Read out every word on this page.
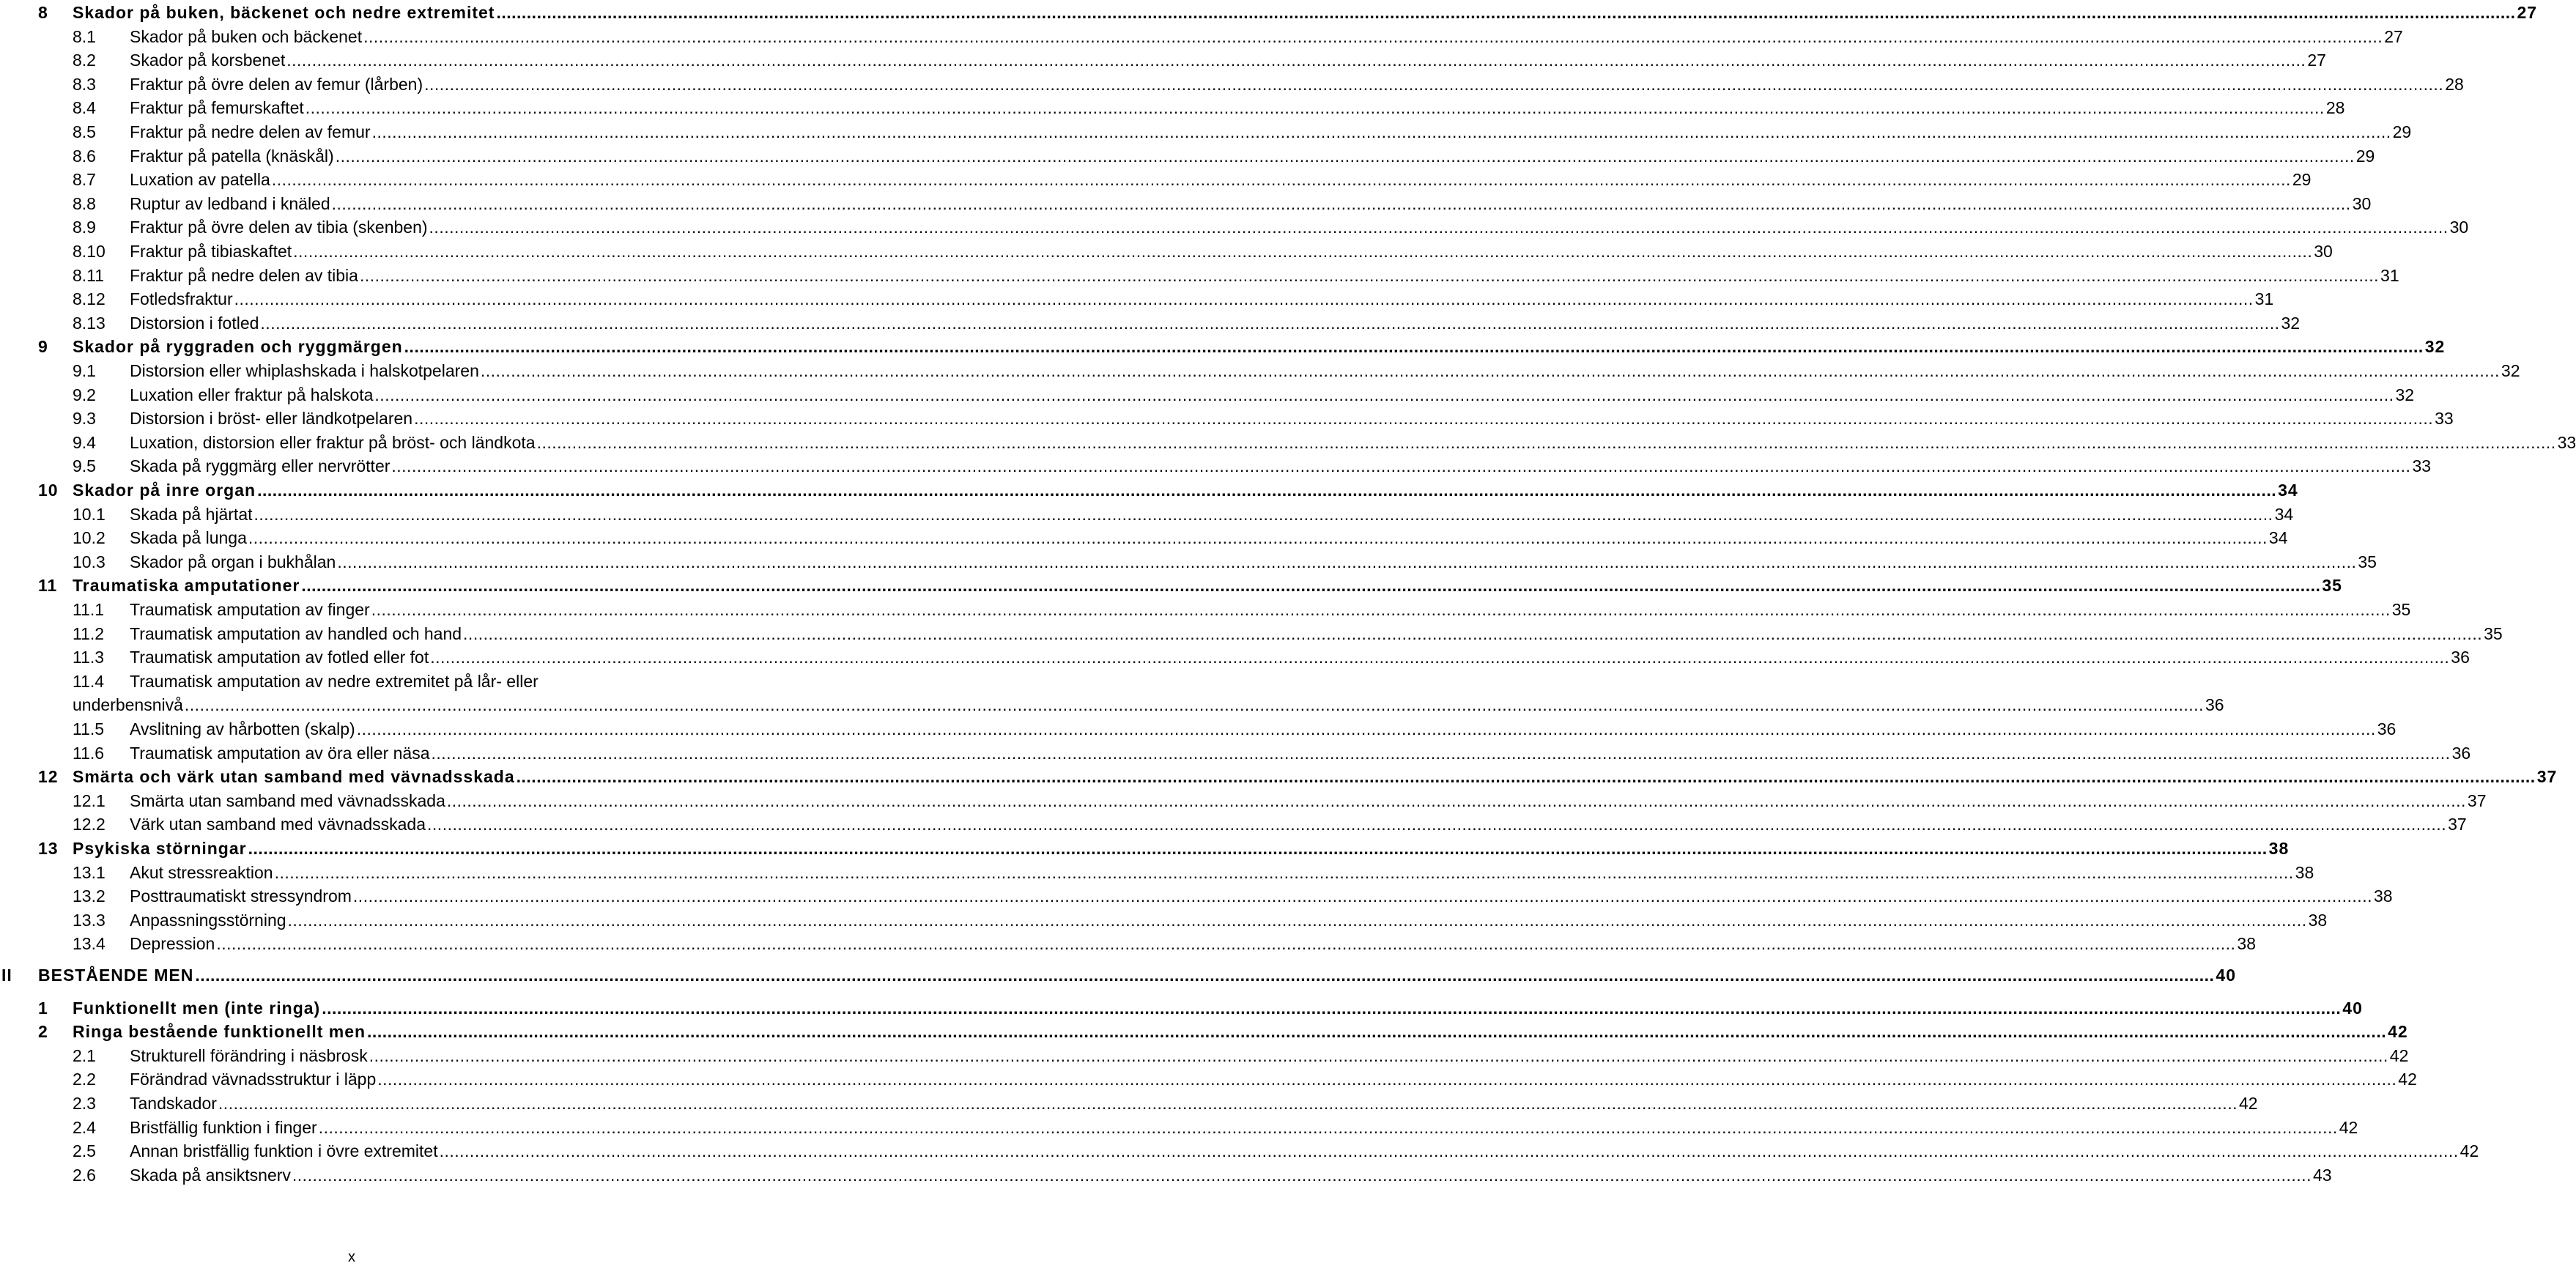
8 Skador på buken, bäckenet och nedre extremitet ................................................................................................................................................................................................................................................................................................................................................................................................................ 27
8.1 Skador på buken och bäckenet ................................................................................................................................................................................................................................................................................................................................................................................................................ 27
8.2 Skador på korsbenet ................................................................................................................................................................................................................................................................................................................................................................................................................ 27
8.3 Fraktur på övre delen av femur (lårben) ................................................................................................................................................................................................................................................................................................................................................................................................................ 28
8.4 Fraktur på femurskaftet ................................................................................................................................................................................................................................................................................................................................................................................................................ 28
8.5 Fraktur på nedre delen av femur ................................................................................................................................................................................................................................................................................................................................................................................................................ 29
8.6 Fraktur på patella (knäskål) ................................................................................................................................................................................................................................................................................................................................................................................................................ 29
8.7 Luxation av patella ................................................................................................................................................................................................................................................................................................................................................................................................................ 29
8.8 Ruptur av ledband i knäled ................................................................................................................................................................................................................................................................................................................................................................................................................ 30
8.9 Fraktur på övre delen av tibia (skenben) ................................................................................................................................................................................................................................................................................................................................................................................................................ 30
8.10 Fraktur på tibiaskaftet ................................................................................................................................................................................................................................................................................................................................................................................................................ 30
8.11 Fraktur på nedre delen av tibia ................................................................................................................................................................................................................................................................................................................................................................................................................ 31
8.12 Fotledsfraktur ................................................................................................................................................................................................................................................................................................................................................................................................................ 31
8.13 Distorsion i fotled ................................................................................................................................................................................................................................................................................................................................................................................................................ 32
9 Skador på ryggraden och ryggmärgen ................................................................................................................................................................................................................................................................................................................................................................................................................ 32
9.1 Distorsion eller whiplashskada i halskotpelaren ................................................................................................................................................................................................................................................................................................................................................................................................................ 32
9.2 Luxation eller fraktur på halskota ................................................................................................................................................................................................................................................................................................................................................................................................................ 32
9.3 Distorsion i bröst- eller ländkotpelaren ................................................................................................................................................................................................................................................................................................................................................................................................................ 33
9.4 Luxation, distorsion eller fraktur på bröst- och ländkota ................................................................................................................................................................................................................................................................................................................................................................................................................ 33
9.5 Skada på ryggmärg eller nervrötter ................................................................................................................................................................................................................................................................................................................................................................................................................ 33
10 Skador på inre organ ................................................................................................................................................................................................................................................................................................................................................................................................................ 34
10.1 Skada på hjärtat ................................................................................................................................................................................................................................................................................................................................................................................................................ 34
10.2 Skada på lunga ................................................................................................................................................................................................................................................................................................................................................................................................................ 34
10.3 Skador på organ i bukhålan ................................................................................................................................................................................................................................................................................................................................................................................................................ 35
11 Traumatiska amputationer ................................................................................................................................................................................................................................................................................................................................................................................................................ 35
11.1 Traumatisk amputation av finger ................................................................................................................................................................................................................................................................................................................................................................................................................ 35
11.2 Traumatisk amputation av handled och hand ................................................................................................................................................................................................................................................................................................................................................................................................................ 35
11.3 Traumatisk amputation av fotled eller fot ................................................................................................................................................................................................................................................................................................................................................................................................................ 36
11.4 Traumatisk amputation av nedre extremitet på lår- eller
underbensnivå ................................................................................................................................................................................................................................................................................................................................................................................................................ 36
11.5 Avslitning av hårbotten (skalp) ................................................................................................................................................................................................................................................................................................................................................................................................................ 36
11.6 Traumatisk amputation av öra eller näsa ................................................................................................................................................................................................................................................................................................................................................................................................................ 36
12 Smärta och värk utan samband med vävnadsskada ................................................................................................................................................................................................................................................................................................................................................................................................................ 37
12.1 Smärta utan samband med vävnadsskada ................................................................................................................................................................................................................................................................................................................................................................................................................ 37
12.2 Värk utan samband med vävnadsskada ................................................................................................................................................................................................................................................................................................................................................................................................................ 37
13 Psykiska störningar ................................................................................................................................................................................................................................................................................................................................................................................................................ 38
13.1 Akut stressreaktion ................................................................................................................................................................................................................................................................................................................................................................................................................ 38
13.2 Posttraumatiskt stressyndrom ................................................................................................................................................................................................................................................................................................................................................................................................................ 38
13.3 Anpassningsstörning ................................................................................................................................................................................................................................................................................................................................................................................................................ 38
13.4 Depression ................................................................................................................................................................................................................................................................................................................................................................................................................ 38
II BESTÅENDE MEN ................................................................................................................................................................................................................................................................................................................................................................................................................ 40
1 Funktionellt men (inte ringa) ................................................................................................................................................................................................................................................................................................................................................................................................................ 40
2 Ringa bestående funktionellt men ................................................................................................................................................................................................................................................................................................................................................................................................................ 42
2.1 Strukturell förändring i näsbrosk ................................................................................................................................................................................................................................................................................................................................................................................................................ 42
2.2 Förändrad vävnadsstruktur i läpp ................................................................................................................................................................................................................................................................................................................................................................................................................ 42
2.3 Tandskador ................................................................................................................................................................................................................................................................................................................................................................................................................ 42
2.4 Bristfällig funktion i finger ................................................................................................................................................................................................................................................................................................................................................................................................................ 42
2.5 Annan bristfällig funktion i övre extremitet ................................................................................................................................................................................................................................................................................................................................................................................................................ 42
2.6 Skada på ansiktsnerv ................................................................................................................................................................................................................................................................................................................................................................................................................ 43
x
